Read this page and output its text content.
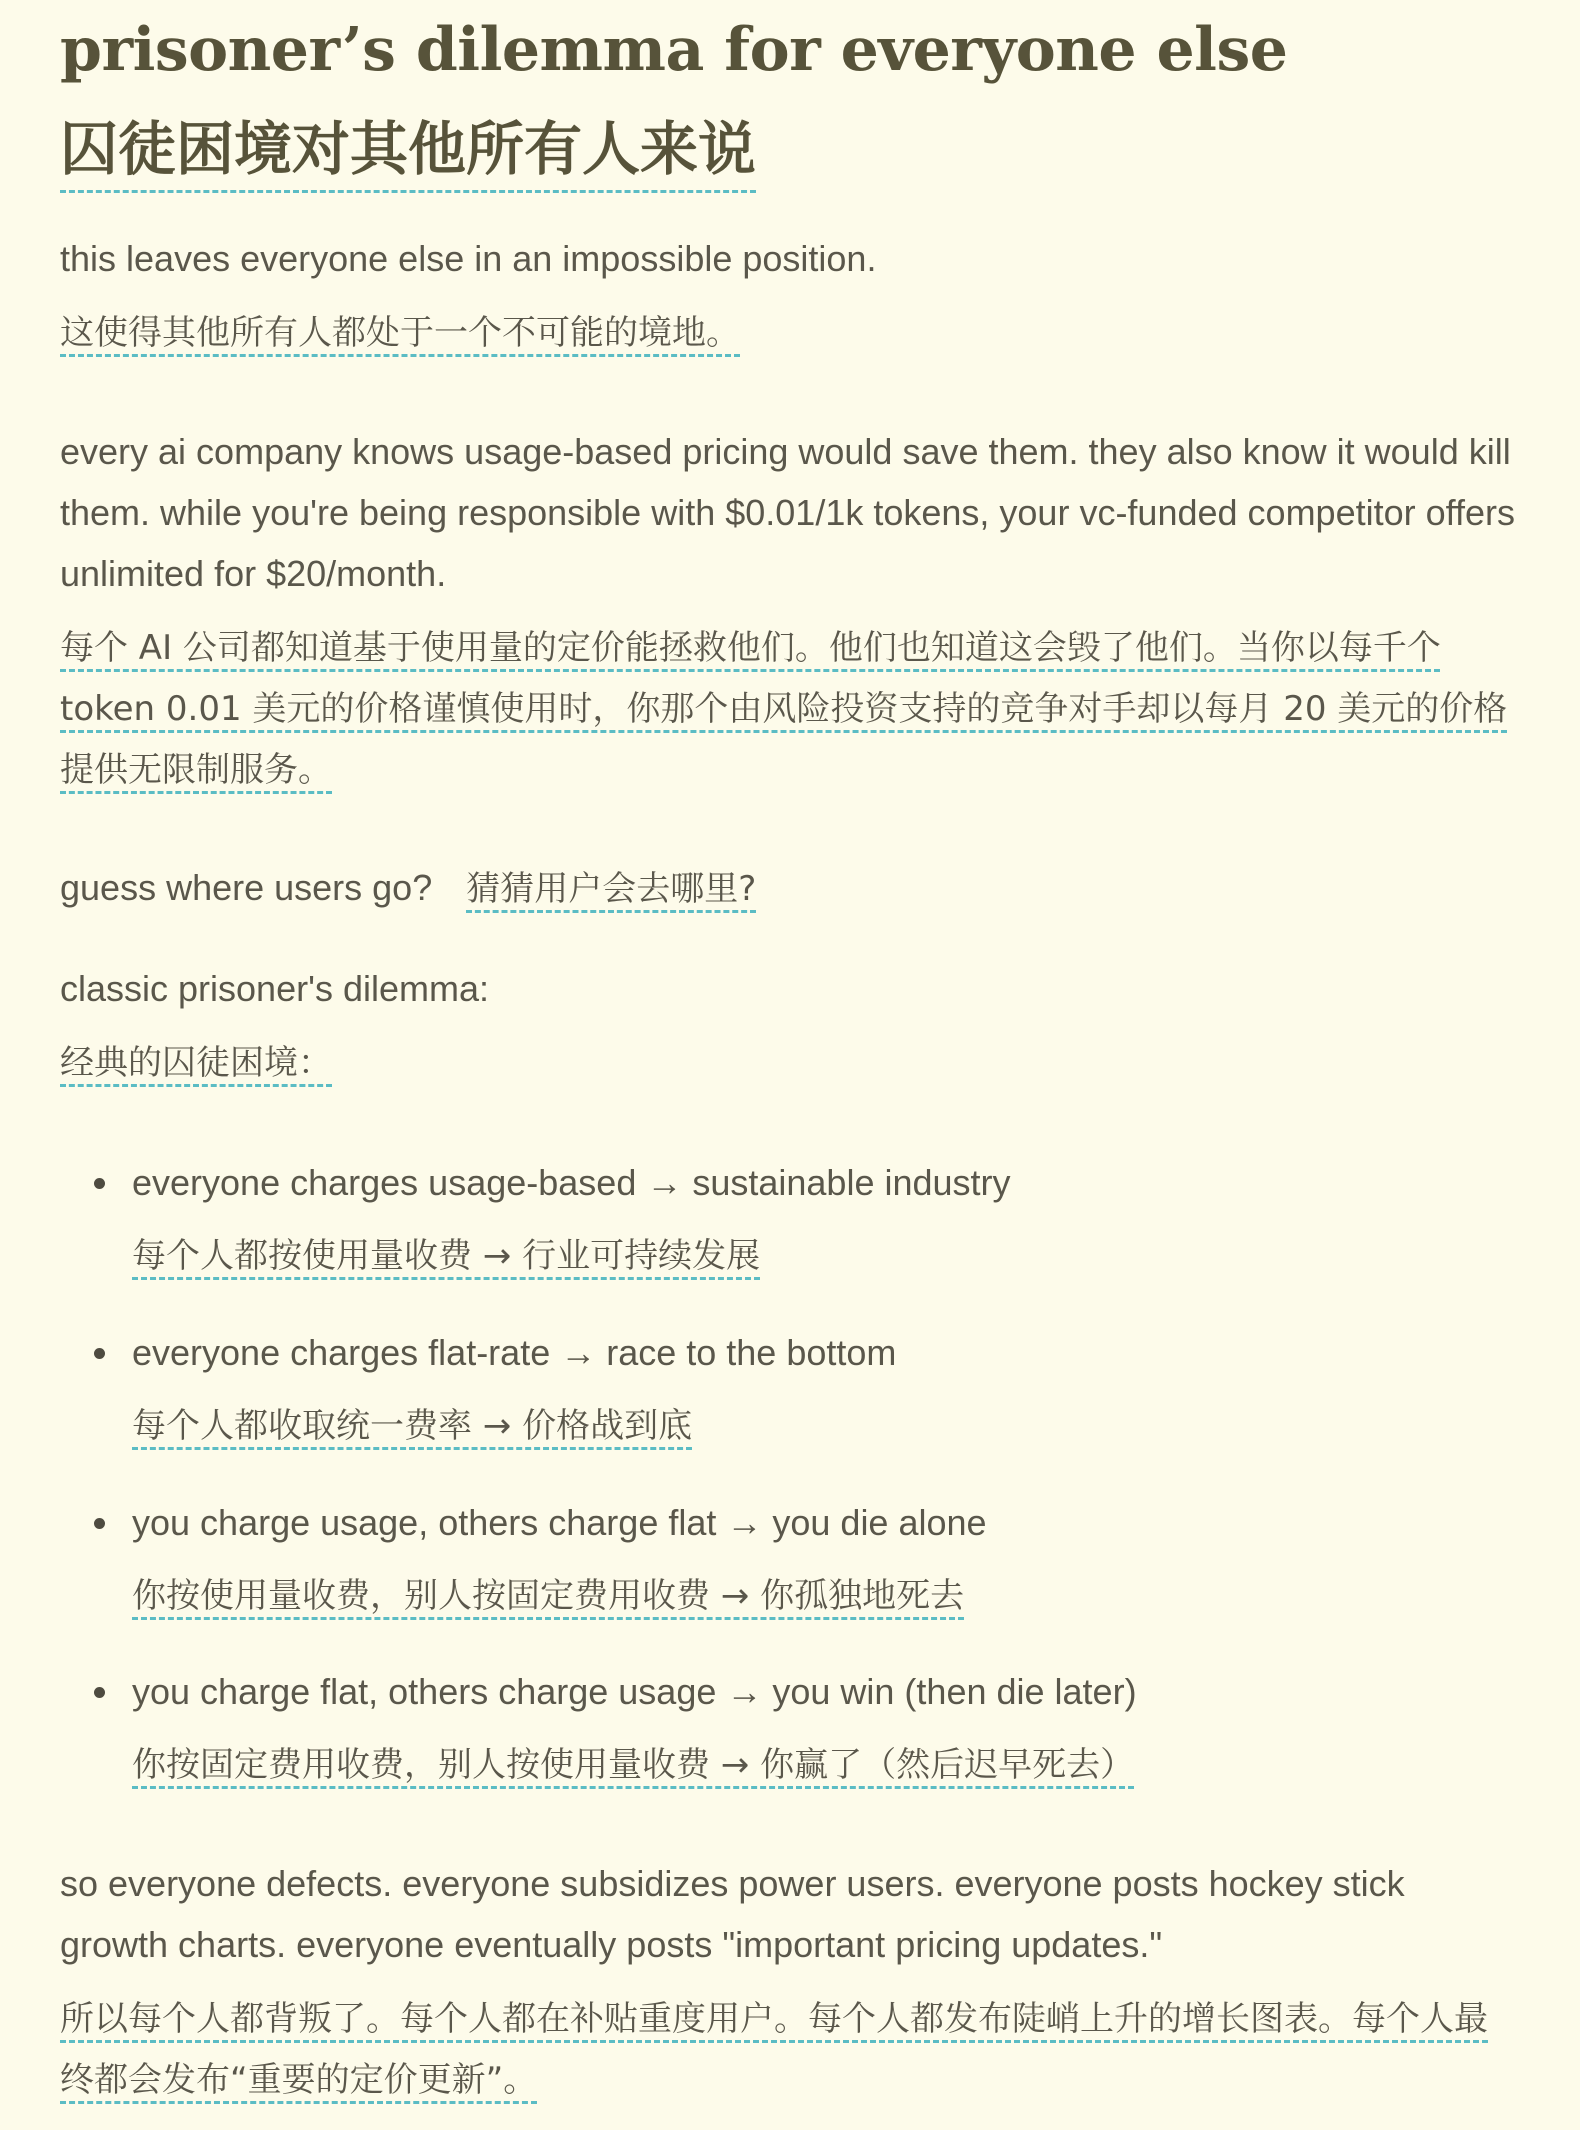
prisoner’s dilemma for everyone else
囚徒困境对其他所有人来说

this leaves everyone else in an impossible position.

这使得其他所有人都处于一个不可能的境地。

every ai company knows usage-based pricing would save them. they also know it would kill them. while you're being responsible with $0.01/1k tokens, your vc-funded competitor offers unlimited for $20/month.

每个 AI 公司都知道基于使用量的定价能拯救他们。他们也知道这会毁了他们。当你以每千个 token 0.01 美元的价格谨慎使用时，你那个由风险投资支持的竞争对手却以每月 20 美元的价格提供无限制服务。

guess where users go? 猜猜用户会去哪里?

classic prisoner's dilemma:

经典的囚徒困境：

everyone charges usage-based → sustainable industry
每个人都按使用量收费 → 行业可持续发展
everyone charges flat-rate → race to the bottom
每个人都收取统一费率 → 价格战到底
you charge usage, others charge flat → you die alone
你按使用量收费，别人按固定费用收费 → 你孤独地死去
you charge flat, others charge usage → you win (then die later)
你按固定费用收费，别人按使用量收费 → 你赢了（然后迟早死去）

so everyone defects. everyone subsidizes power users. everyone posts hockey stick growth charts. everyone eventually posts "important pricing updates."

所以每个人都背叛了。每个人都在补贴重度用户。每个人都发布陡峭上升的增长图表。每个人最终都会发布“重要的定价更新”。
